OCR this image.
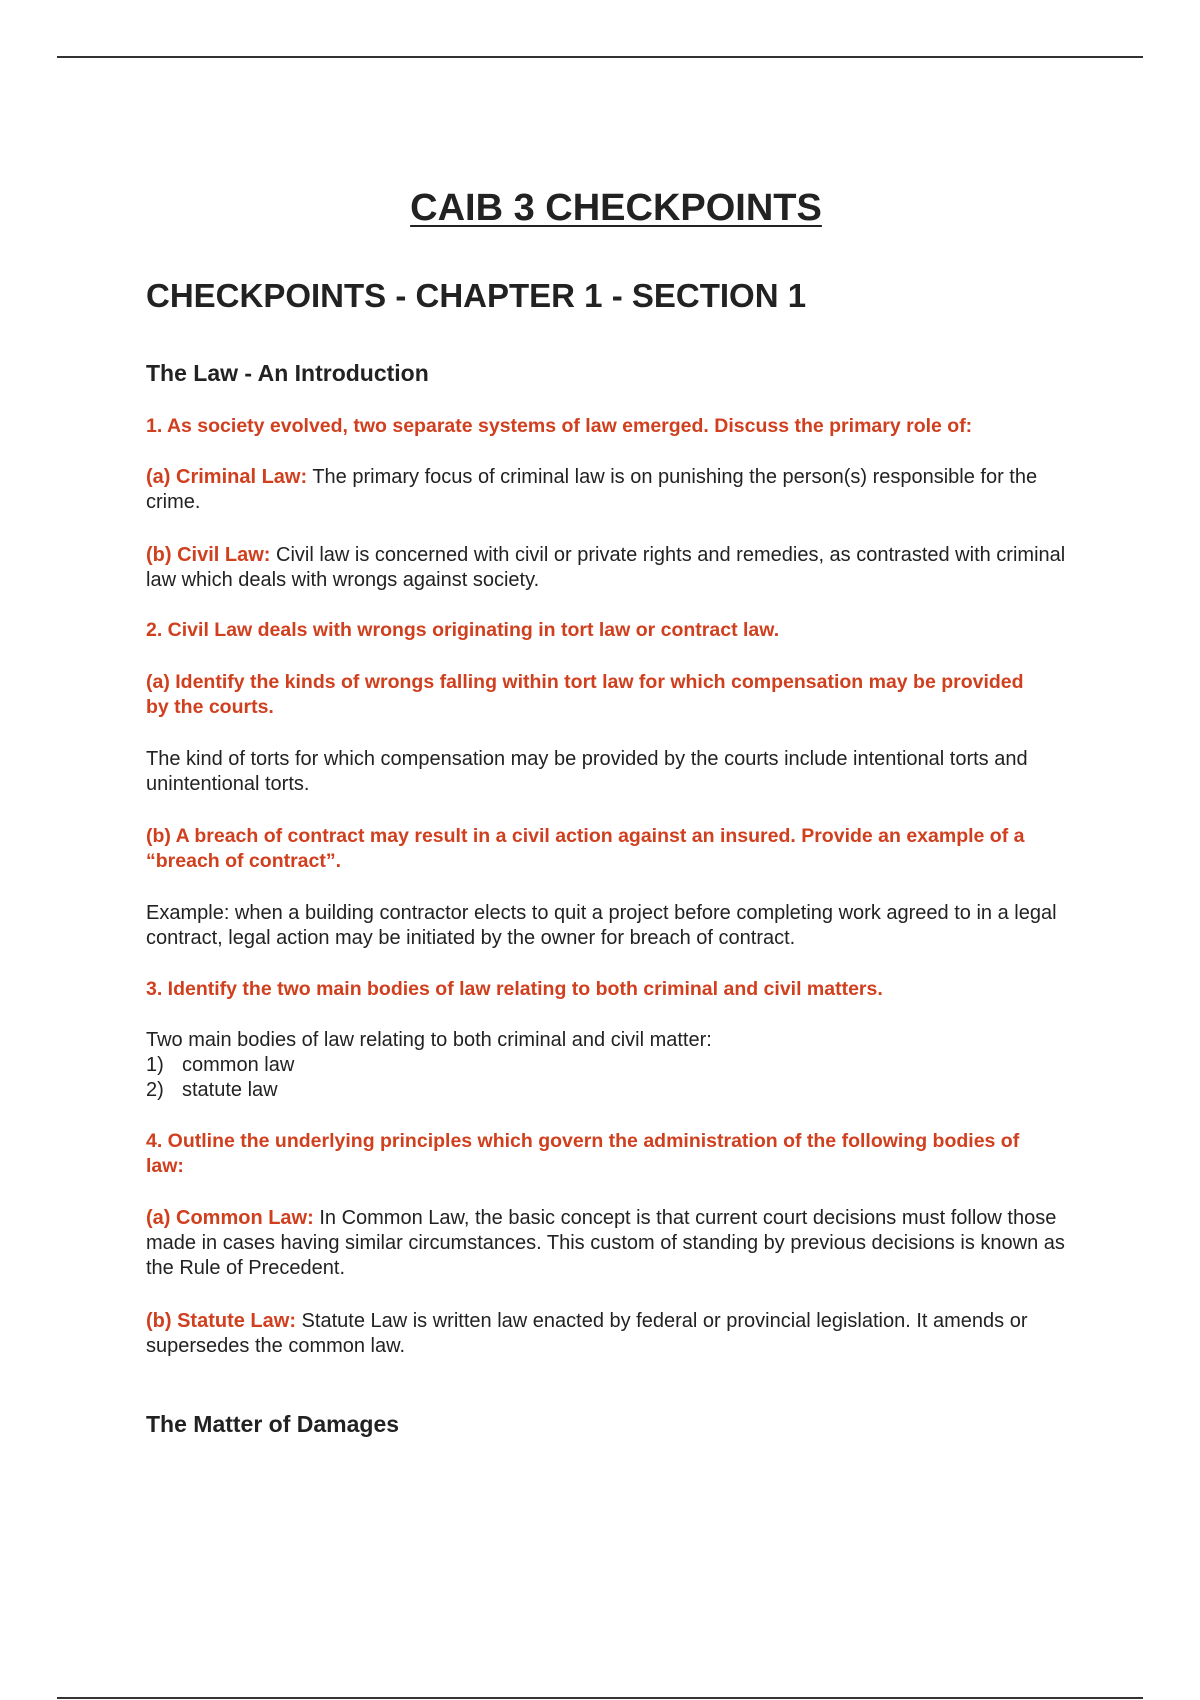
CAIB 3 CHECKPOINTS
CHECKPOINTS - CHAPTER 1 - SECTION 1
The Law - An Introduction

1. As society evolved, two separate systems of law emerged. Discuss the primary role of:

(a) Criminal Law: The primary focus of criminal law is on punishing the person(s) responsible for the crime.

(b) Civil Law: Civil law is concerned with civil or private rights and remedies, as contrasted with criminal law which deals with wrongs against society.

2. Civil Law deals with wrongs originating in tort law or contract law.

(a) Identify the kinds of wrongs falling within tort law for which compensation may be provided by the courts.

The kind of torts for which compensation may be provided by the courts include intentional torts and unintentional torts.

(b) A breach of contract may result in a civil action against an insured. Provide an example of a “breach of contract”.

Example: when a building contractor elects to quit a project before completing work agreed to in a legal contract, legal action may be initiated by the owner for breach of contract.

3. Identify the two main bodies of law relating to both criminal and civil matters.

Two main bodies of law relating to both criminal and civil matter:

1) common law
2) statute law

4. Outline the underlying principles which govern the administration of the following bodies of law:

(a) Common Law: In Common Law, the basic concept is that current court decisions must follow those made in cases having similar circumstances. This custom of standing by previous decisions is known as the Rule of Precedent.

(b) Statute Law: Statute Law is written law enacted by federal or provincial legislation. It amends or supersedes the common law.

The Matter of Damages
